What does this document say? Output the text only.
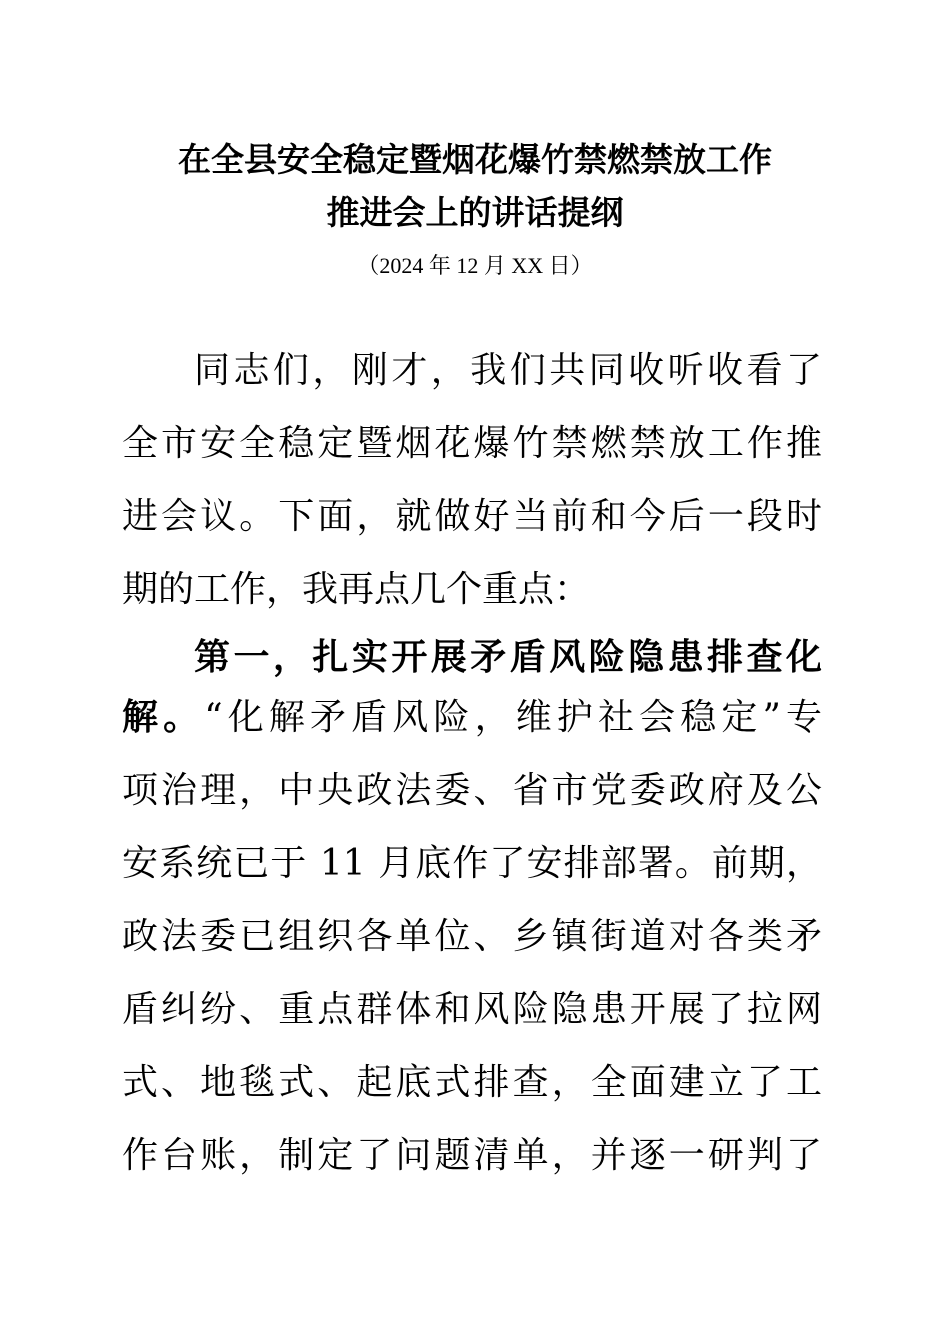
在全县安全稳定暨烟花爆竹禁燃禁放工作
推进会上的讲话提纲
（2024 年 12 月 XX 日）
同志们，刚才，我们共同收听收看了
全市安全稳定暨烟花爆竹禁燃禁放工作推
进会议。下面，就做好当前和今后一段时
期的工作，我再点几个重点：
第一，扎实开展矛盾风险隐患排查化
解。“化解矛盾风险，维护社会稳定”专
项治理，中央政法委、省市党委政府及公
安系统已于 11 月底作了安排部署。前期，
政法委已组织各单位、乡镇街道对各类矛
盾纠纷、重点群体和风险隐患开展了拉网
式、地毯式、起底式排查，全面建立了工
作台账，制定了问题清单，并逐一研判了
